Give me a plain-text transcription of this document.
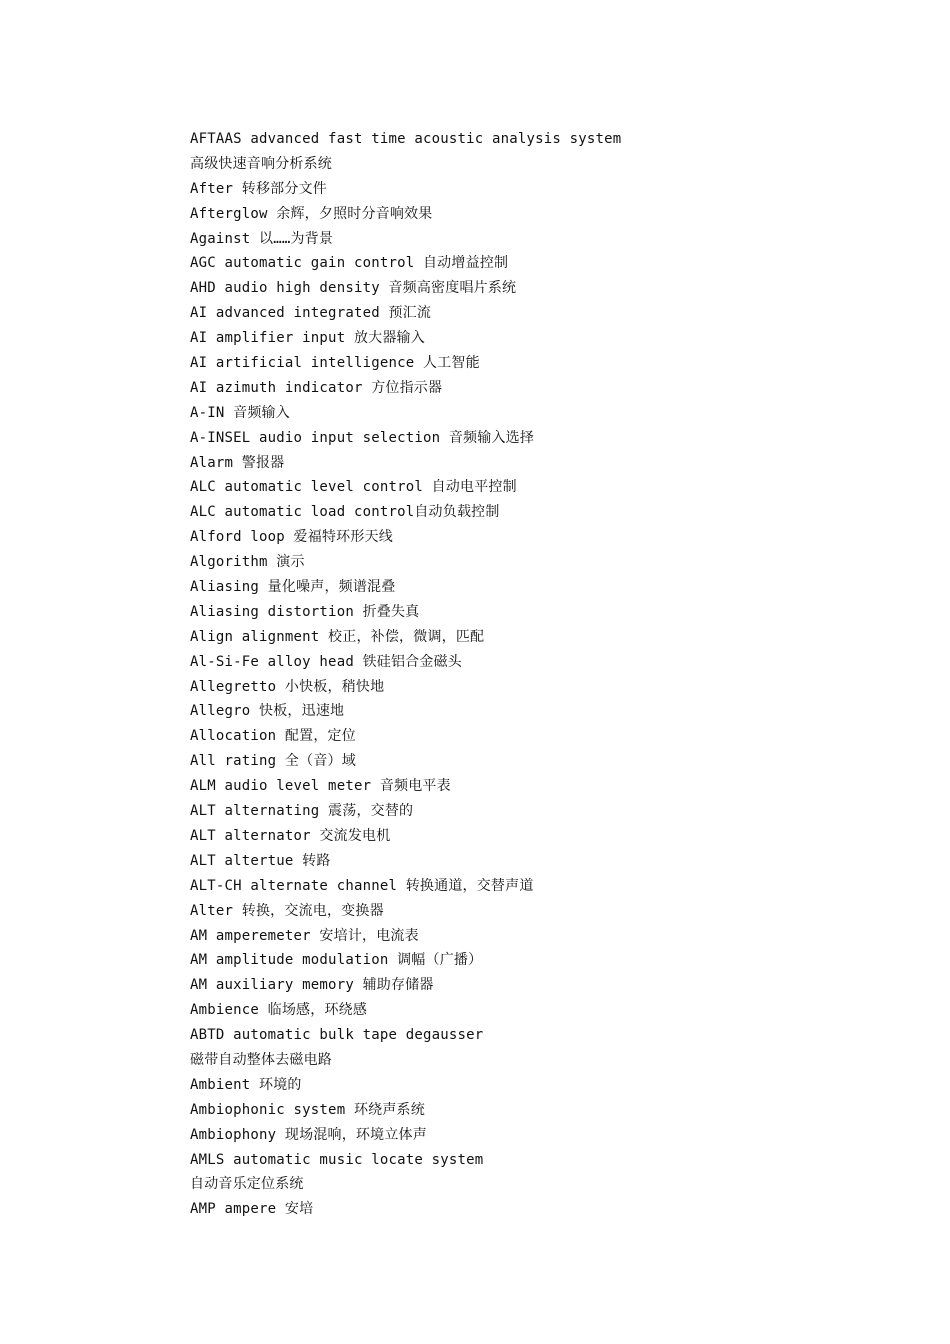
AFTAAS advanced fast time acoustic analysis system
高级快速音响分析系统
After 转移部分文件
Afterglow 余辉，夕照时分音响效果
Against 以……为背景
AGC automatic gain control 自动增益控制
AHD audio high density 音频高密度唱片系统
AI advanced integrated 预汇流
AI amplifier input 放大器输入
AI artificial intelligence 人工智能
AI azimuth indicator 方位指示器
A-IN 音频输入
A-INSEL audio input selection 音频输入选择
Alarm 警报器
ALC automatic level control 自动电平控制
ALC automatic load control自动负载控制
Alford loop 爱福特环形天线
Algorithm 演示
Aliasing 量化噪声，频谱混叠
Aliasing distortion 折叠失真
Align alignment 校正，补偿，微调，匹配
Al-Si-Fe alloy head 铁硅铝合金磁头
Allegretto 小快板，稍快地
Allegro 快板，迅速地
Allocation 配置，定位
All rating 全（音）域
ALM audio level meter 音频电平表
ALT alternating 震荡，交替的
ALT alternator 交流发电机
ALT altertue 转路
ALT-CH alternate channel 转换通道，交替声道
Alter 转换，交流电，变换器
AM amperemeter 安培计，电流表
AM amplitude modulation 调幅（广播）
AM auxiliary memory 辅助存储器
Ambience 临场感，环绕感
ABTD automatic bulk tape degausser
磁带自动整体去磁电路
Ambient 环境的
Ambiophonic system 环绕声系统
Ambiophony 现场混响，环境立体声
AMLS automatic music locate system
自动音乐定位系统
AMP ampere 安培
